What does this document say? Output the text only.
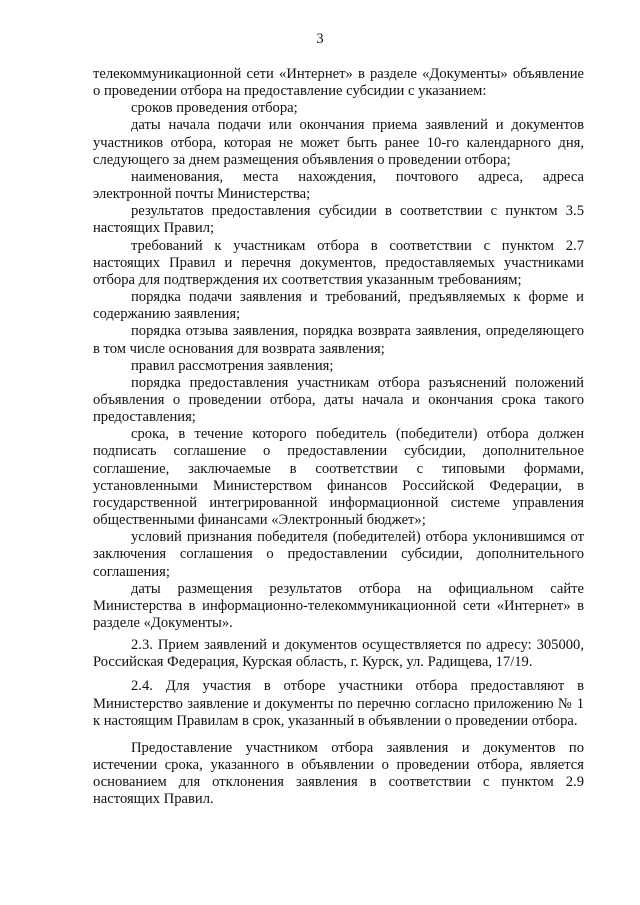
3

телекоммуникационной сети «Интернет» в разделе «Документы» объявление о проведении отбора на предоставление субсидии с указанием:

сроков проведения отбора;

даты начала подачи или окончания приема заявлений и документов участников отбора, которая не может быть ранее 10-го календарного дня, следующего за днем размещения объявления о проведении отбора;

наименования, места нахождения, почтового адреса, адреса электронной почты Министерства;

результатов предоставления субсидии в соответствии с пунктом 3.5 настоящих Правил;

требований к участникам отбора в соответствии с пунктом 2.7 настоящих Правил и перечня документов, предоставляемых участниками отбора для подтверждения их соответствия указанным требованиям;

порядка подачи заявления и требований, предъявляемых к форме и содержанию заявления;

порядка отзыва заявления, порядка возврата заявления, определяющего в том числе основания для возврата заявления;

правил рассмотрения заявления;

порядка предоставления участникам отбора разъяснений положений объявления о проведении отбора, даты начала и окончания срока такого предоставления;

срока, в течение которого победитель (победители) отбора должен подписать соглашение о предоставлении субсидии, дополнительное соглашение, заключаемые в соответствии с типовыми формами, установленными Министерством финансов Российской Федерации, в государственной интегрированной информационной системе управления общественными финансами «Электронный бюджет»;

условий признания победителя (победителей) отбора уклонившимся от заключения соглашения о предоставлении субсидии, дополнительного соглашения;

даты размещения результатов отбора на официальном сайте Министерства в информационно-телекоммуникационной сети «Интернет» в разделе «Документы».

2.3. Прием заявлений и документов осуществляется по адресу: 305000, Российская Федерация, Курская область, г. Курск, ул. Радищева, 17/19.

2.4. Для участия в отборе участники отбора предоставляют в Министерство заявление и документы по перечню согласно приложению № 1 к настоящим Правилам в срок, указанный в объявлении о проведении отбора.

Предоставление участником отбора заявления и документов по истечении срока, указанного в объявлении о проведении отбора, является основанием для отклонения заявления в соответствии с пунктом 2.9 настоящих Правил.
